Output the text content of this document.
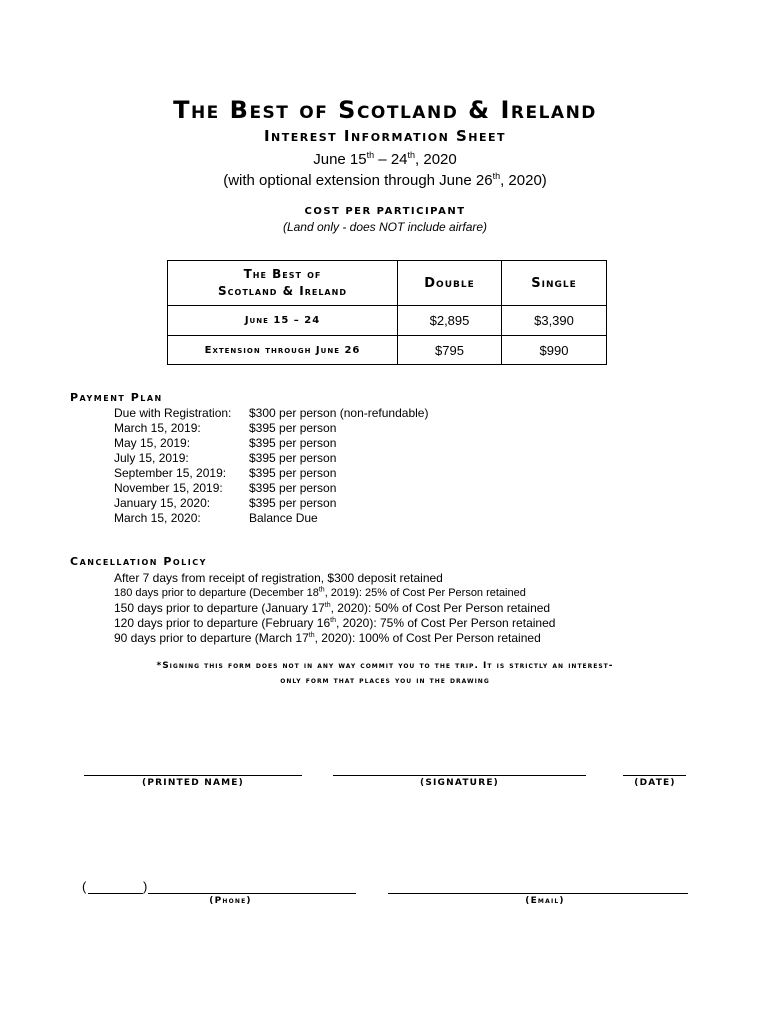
The Best of Scotland & Ireland
Interest Information Sheet
June 15th – 24th, 2020
(with optional extension through June 26th, 2020)
COST PER PARTICIPANT
(Land only - does NOT include airfare)
The Best of
Scotland & Ireland	Double	Single
June 15 – 24	$2,895	$3,390
Extension through June 26	$795	$990
Payment Plan
Due with Registration:	$300 per person (non-refundable)
March 15, 2019:	$395 per person
May 15, 2019:	$395 per person
July 15, 2019:	$395 per person
September 15, 2019:	$395 per person
November 15, 2019:	$395 per person
January 15, 2020:	$395 per person
March 15, 2020:	Balance Due
Cancellation Policy
After 7 days from receipt of registration, $300 deposit retained
180 days prior to departure (December 18th, 2019): 25% of Cost Per Person retained
150 days prior to departure (January 17th, 2020): 50% of Cost Per Person retained
120 days prior to departure (February 16th, 2020): 75% of Cost Per Person retained
90 days prior to departure (March 17th, 2020): 100% of Cost Per Person retained
*Signing this form does not in any way commit you to the trip. It is strictly an interest-
only form that places you in the drawing
(PRINTED NAME)	(SIGNATURE)	(DATE)
(	)
(Phone)	(Email)
